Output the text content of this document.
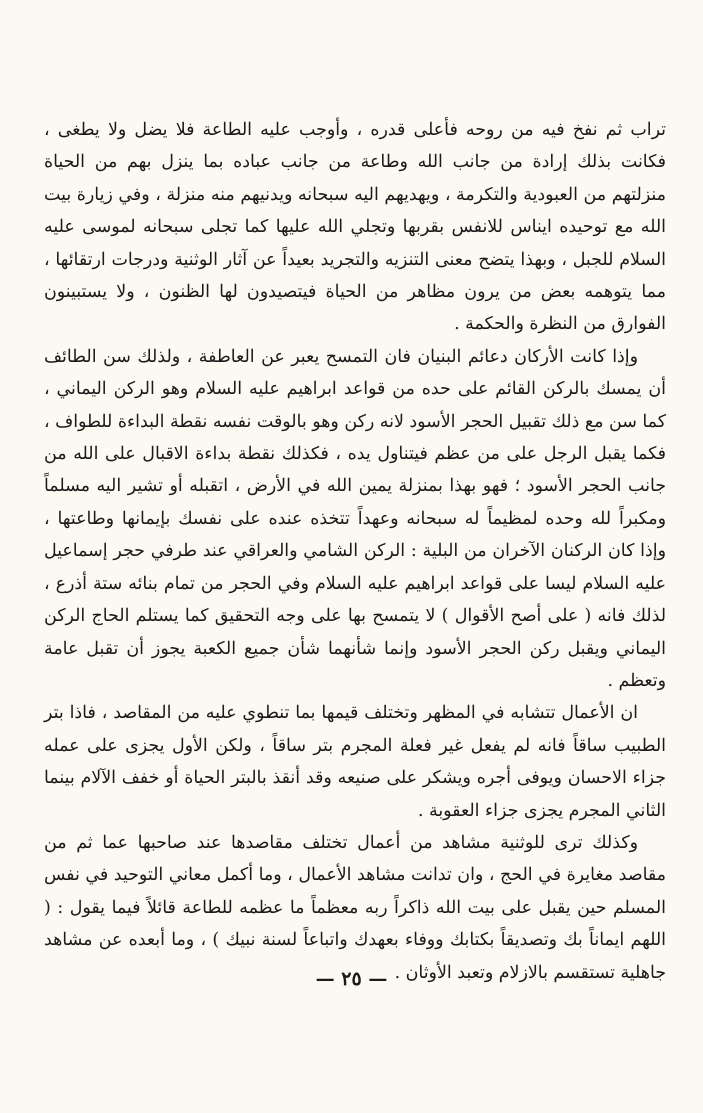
تراب ثم نفخ فيه من روحه فأعلى قدره ، وأوجب عليه الطاعة فلا يضل ولا يطغى ، فكانت بذلك إرادة من جانب الله وطاعة من جانب عباده بما ينزل بهم من الحياة منزلتهم من العبودية والتكرمة ، ويهديهم اليه سبحانه ويدنيهم منه منزلة ، وفي زيارة بيت الله مع توحيده ايناس للانفس بقربها وتجلي الله عليها كما تجلى سبحانه لموسى عليه السلام للجبل ، وبهذا يتضح معنى التنزيه والتجريد بعيداً عن آثار الوثنية ودرجات ارتقائها ، مما يتوهمه بعض من يرون مظاهر من الحياة فيتصيدون لها الظنون ، ولا يستبينون الفوارق من النظرة والحكمة .

وإذا كانت الأركان دعائم البنيان فان التمسح يعبر عن العاطفة ، ولذلك سن الطائف أن يمسك بالركن القائم على حده من قواعد ابراهيم عليه السلام وهو الركن اليماني ، كما سن مع ذلك تقبيل الحجر الأسود لانه ركن وهو بالوقت نفسه نقطة البداءة للطواف ، فكما يقبل الرجل على من عظم فيتناول يده ، فكذلك نقطة بداءة الاقبال على الله من جانب الحجر الأسود ؛ فهو بهذا بمنزلة يمين الله في الأرض ، اتقبله أو تشير اليه مسلماً ومكبراً لله وحده لمظيماً له سبحانه وعهداً تتخذه عنده على نفسك بإيمانها وطاعتها ، وإذا كان الركنان الآخران من البلية : الركن الشامي والعراقي عند طرفي حجر إسماعيل عليه السلام ليسا على قواعد ابراهيم عليه السلام وفي الحجر من تمام بنائه ستة أذرع ، لذلك فانه ( على أصح الأقوال ) لا يتمسح بها على وجه التحقيق كما يستلم الحاج الركن اليماني ويقبل ركن الحجر الأسود وإنما شأنهما شأن جميع الكعبة يجوز أن تقبل عامة وتعظم .

ان الأعمال تتشابه في المظهر وتختلف قيمها بما تنطوي عليه من المقاصد ، فاذا بتر الطبيب ساقاً فانه لم يفعل غير فعلة المجرم بتر ساقاً ، ولكن الأول يجزى على عمله جزاء الاحسان ويوفى أجره ويشكر على صنيعه وقد أنقذ بالبتر الحياة أو خفف الآلام بينما الثاني المجرم يجزى جزاء العقوبة .

وكذلك ترى للوثنية مشاهد من أعمال تختلف مقاصدها عند صاحبها عما ثم من مقاصد مغايرة في الحج ، وان تدانت مشاهد الأعمال ، وما أكمل معاني التوحيد في نفس المسلم حين يقبل على بيت الله ذاكراً ربه معظماً ما عظمه للطاعة قائلاً فيما يقول : ( اللهم ايماناً بك وتصديقاً بكتابك ووفاء بعهدك واتباعاً لسنة نبيك ) ، وما أبعده عن مشاهد جاهلية تستقسم بالازلام وتعبد الأوثان .

— ٢٥ —
